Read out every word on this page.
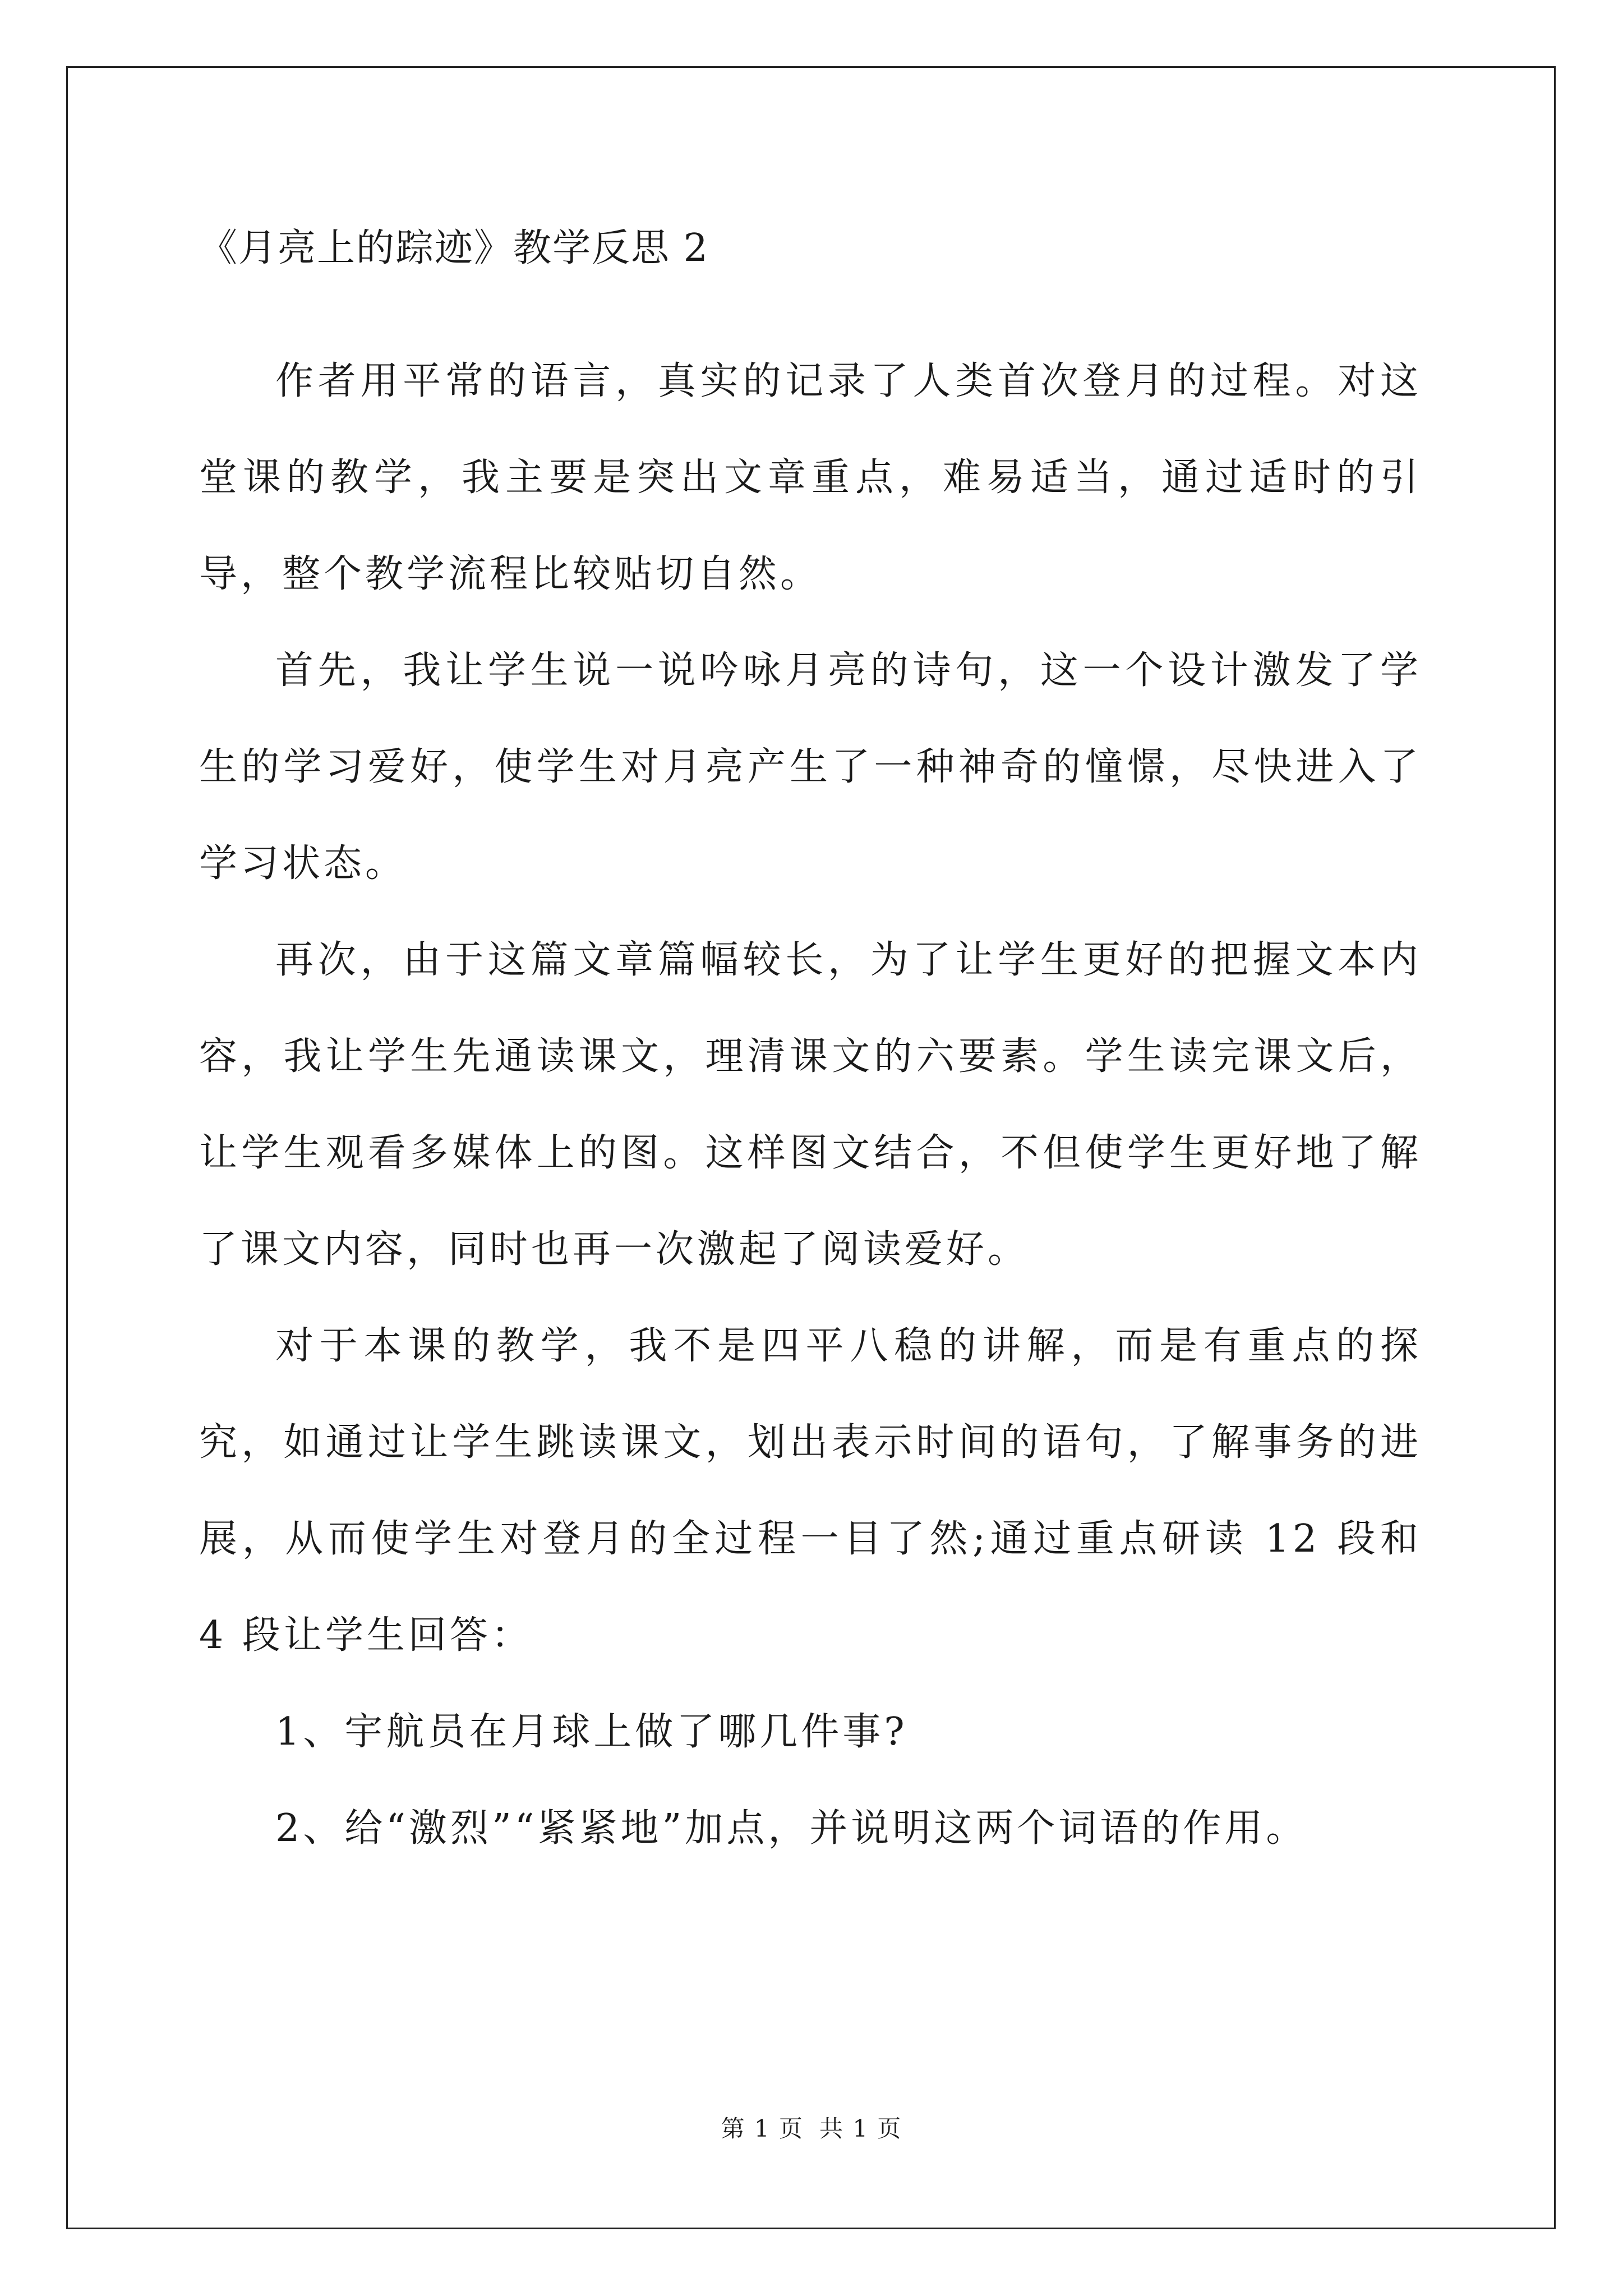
《月亮上的踪迹》教学反思 2

作者用平常的语言，真实的记录了人类首次登月的过程。对这堂课的教学，我主要是突出文章重点，难易适当，通过适时的引导，整个教学流程比较贴切自然。

首先，我让学生说一说吟咏月亮的诗句，这一个设计激发了学生的学习爱好，使学生对月亮产生了一种神奇的憧憬，尽快进入了学习状态。

再次，由于这篇文章篇幅较长，为了让学生更好的把握文本内容，我让学生先通读课文，理清课文的六要素。学生读完课文后，让学生观看多媒体上的图。这样图文结合，不但使学生更好地了解了课文内容，同时也再一次激起了阅读爱好。

对于本课的教学，我不是四平八稳的讲解，而是有重点的探究，如通过让学生跳读课文，划出表示时间的语句，了解事务的进展，从而使学生对登月的全过程一目了然;通过重点研读 12 段和 4 段让学生回答：

1、宇航员在月球上做了哪几件事?

2、给“激烈”“紧紧地”加点，并说明这两个词语的作用。

第 1 页 共 1 页
